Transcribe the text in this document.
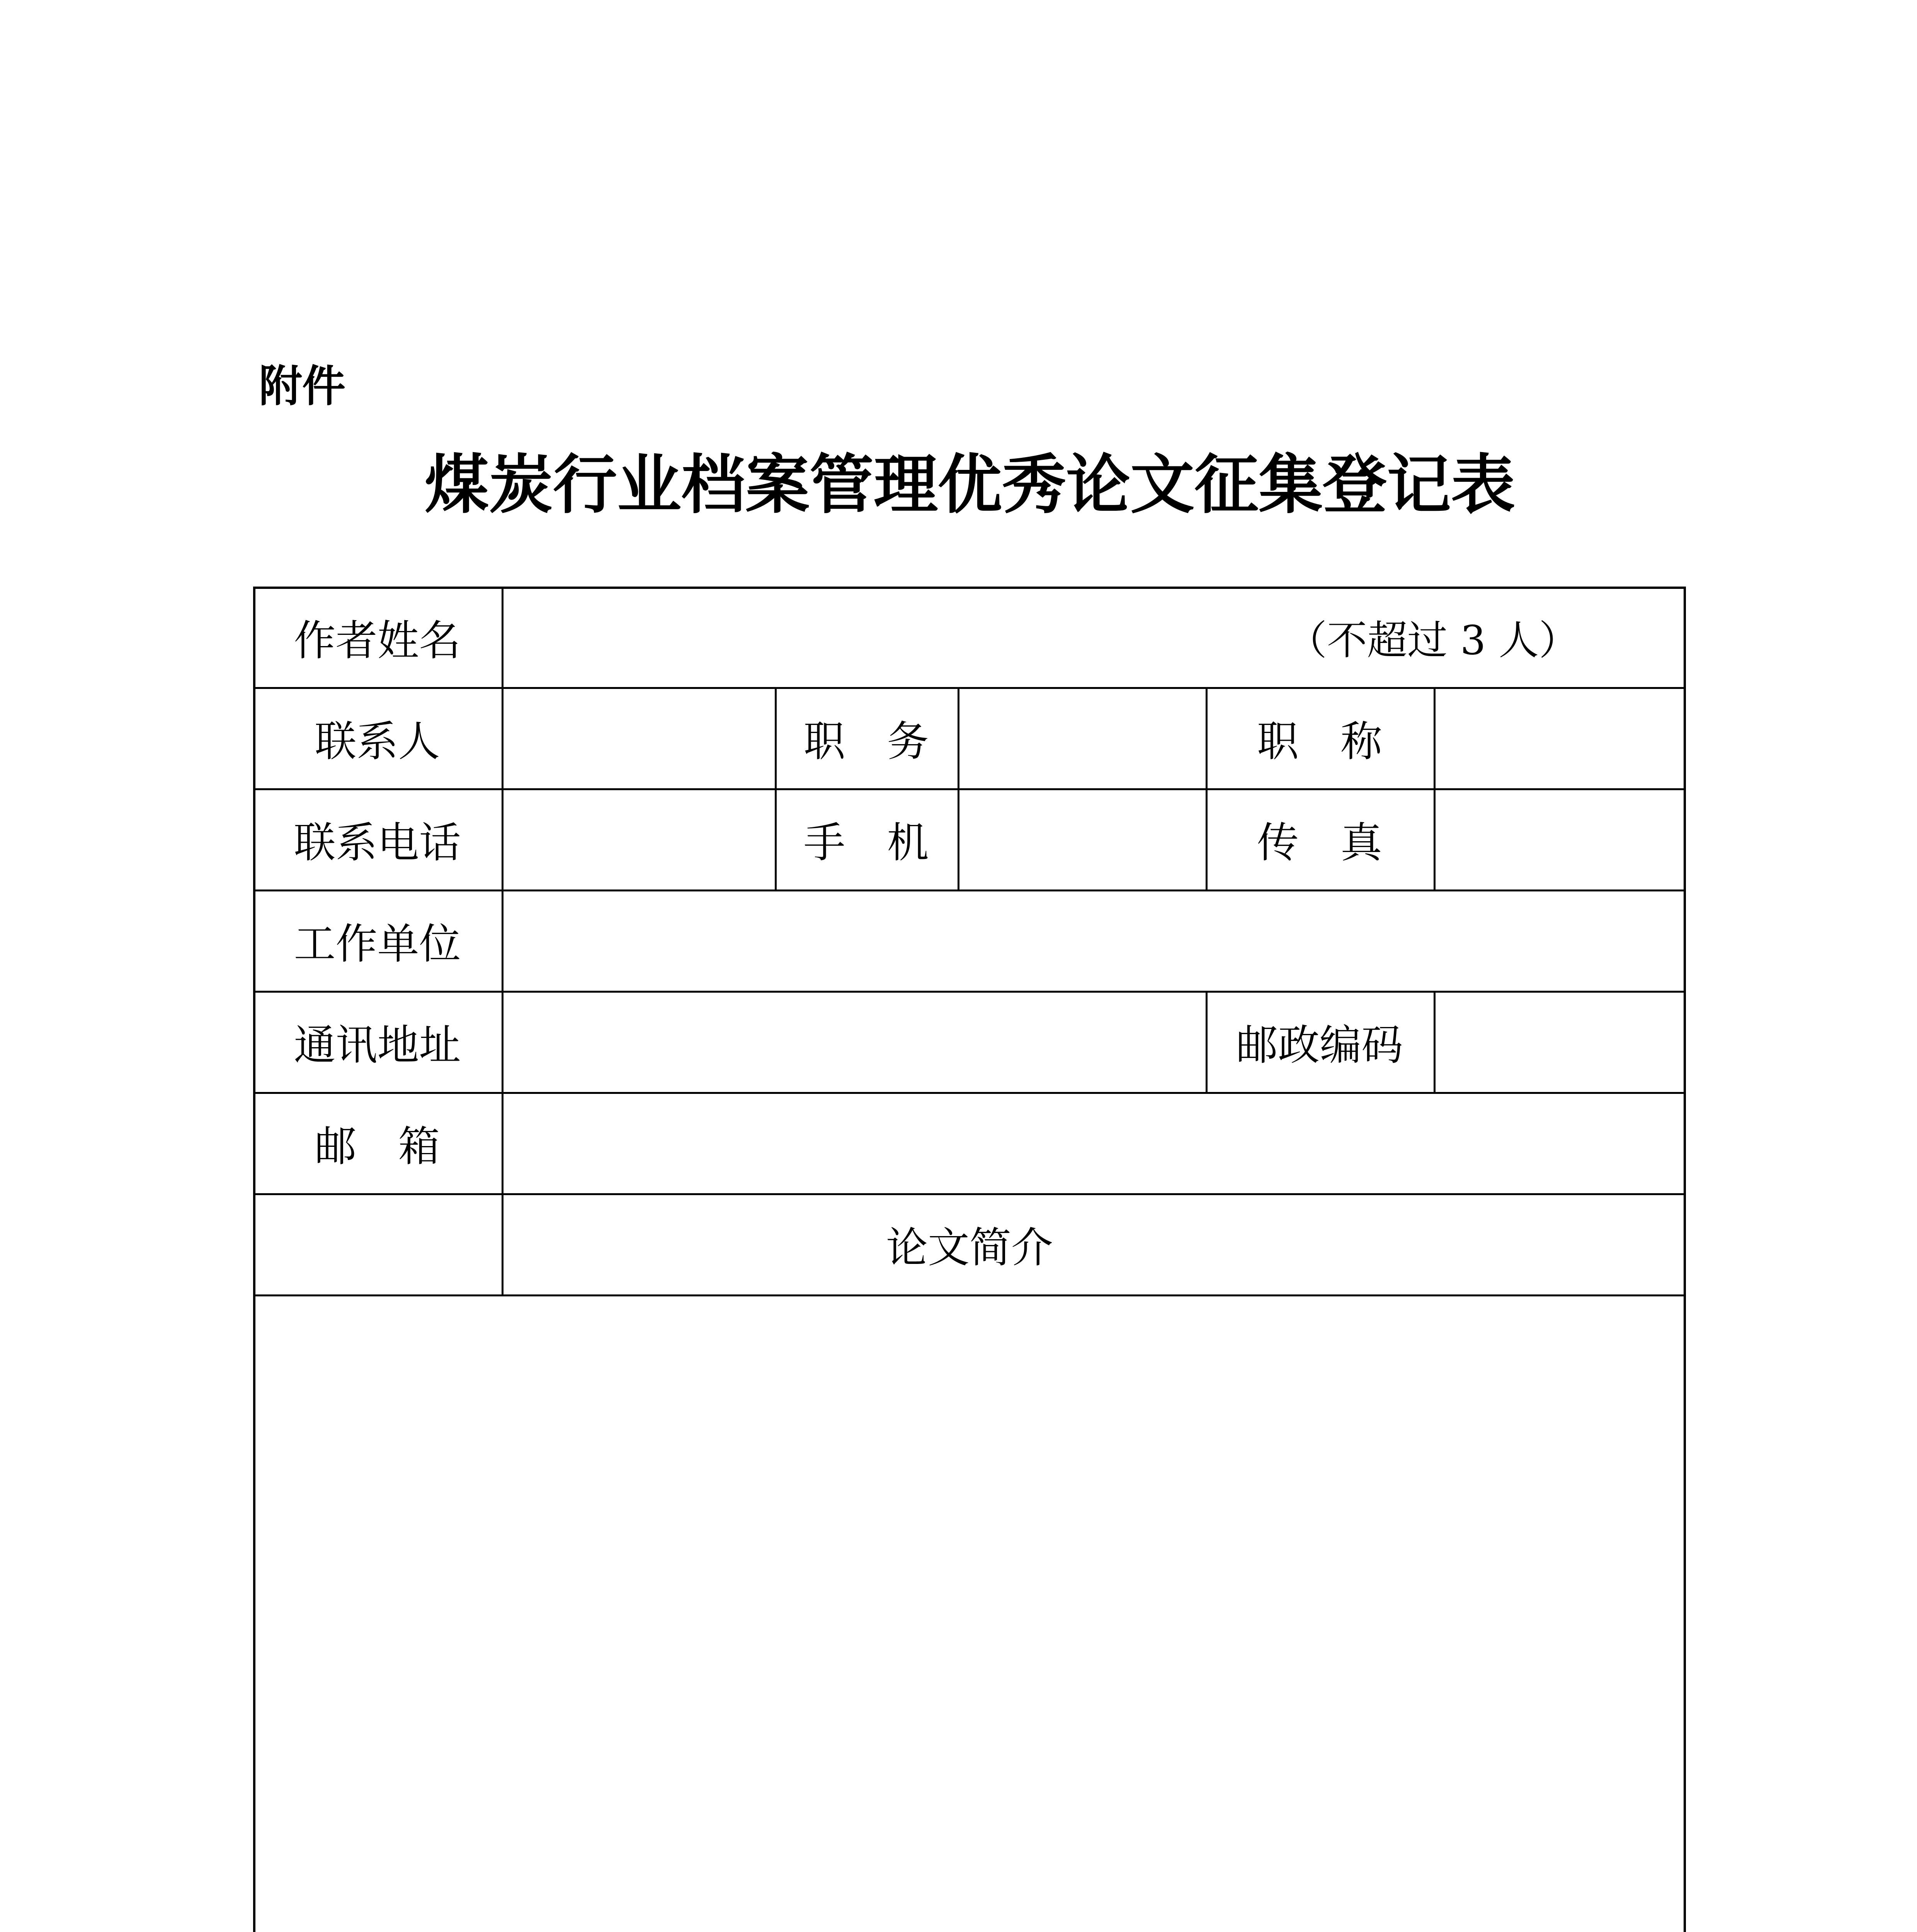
附件
煤炭行业档案管理优秀论文征集登记表
作者姓名	（不超过 3 人）
联系人	职　务	职　称
联系电话	手　机	传　真
工作单位
通讯地址	邮政编码
邮　箱
论文简介
